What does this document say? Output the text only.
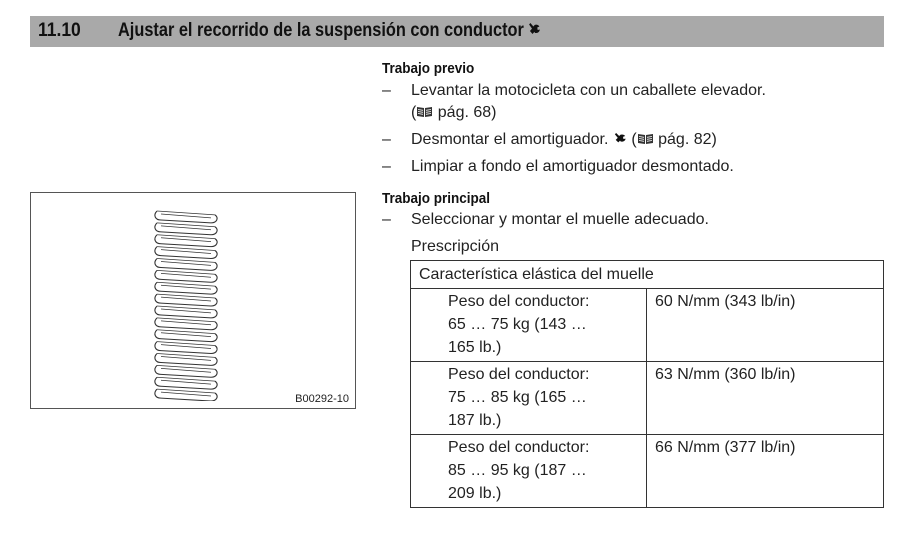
11.10 Ajustar el recorrido de la suspensión con conductor
Trabajo previo
– Levantar la motocicleta con un caballete elevador.
( pág. 68)
– Desmontar el amortiguador. ( pág. 82)
– Limpiar a fondo el amortiguador desmontado.
Trabajo principal
– Seleccionar y montar el muelle adecuado.
Prescripción
B00292-10
Característica elástica del muelle	

Peso del conductor:
65 … 75 kg (143 …
165 lb.)	60 N/mm (343 lb/in)

Peso del conductor:
75 … 85 kg (165 …
187 lb.)	63 N/mm (360 lb/in)

Peso del conductor:
85 … 95 kg (187 …
209 lb.)	66 N/mm (377 lb/in)
